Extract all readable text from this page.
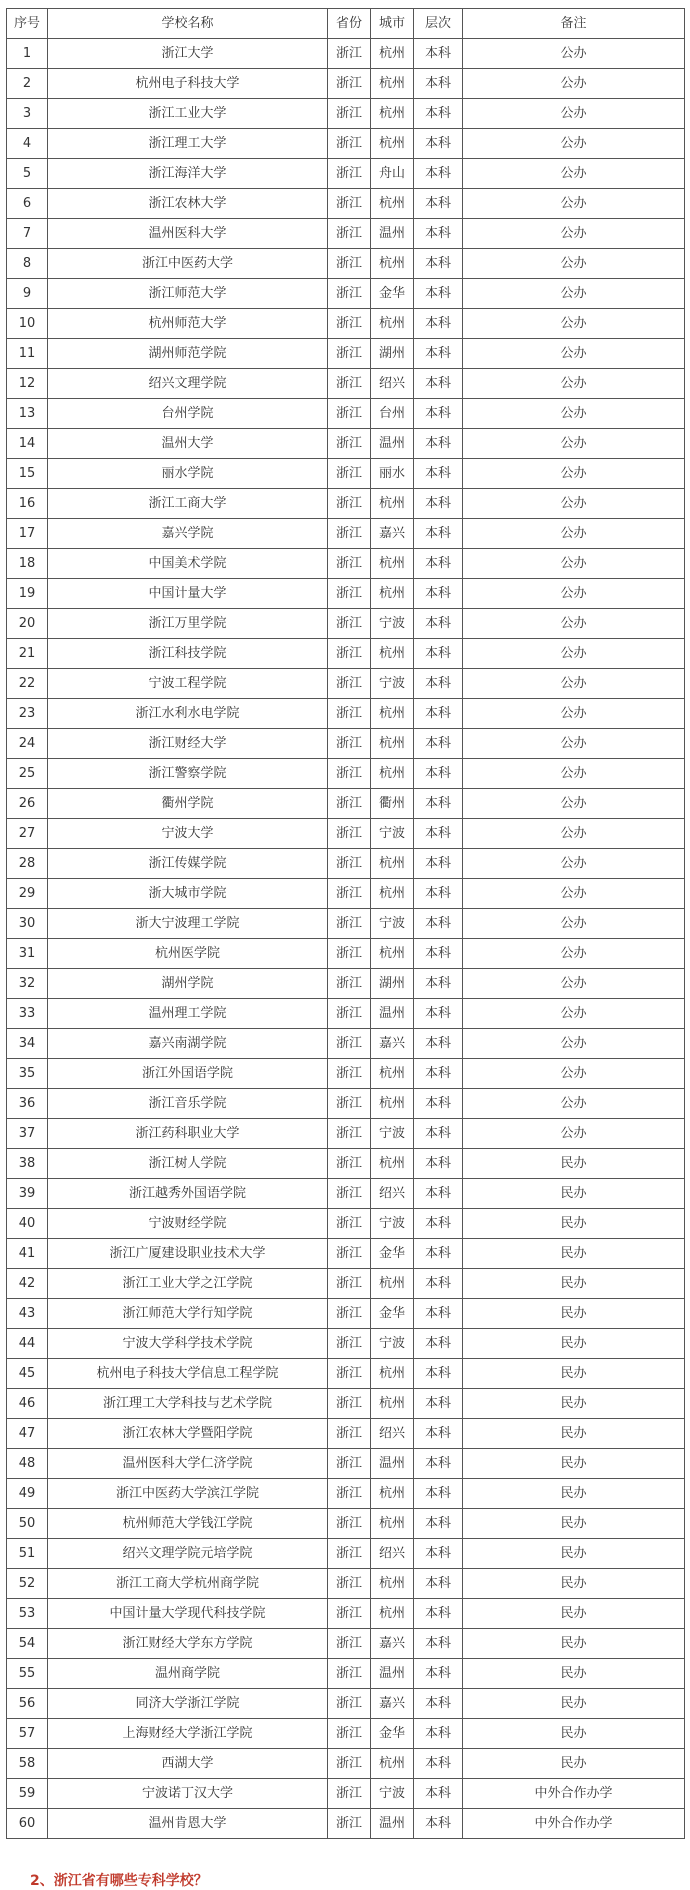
序号	学校名称	省份	城市	层次	备注
1	浙江大学	浙江	杭州	本科	公办
2	杭州电子科技大学	浙江	杭州	本科	公办
3	浙江工业大学	浙江	杭州	本科	公办
4	浙江理工大学	浙江	杭州	本科	公办
5	浙江海洋大学	浙江	舟山	本科	公办
6	浙江农林大学	浙江	杭州	本科	公办
7	温州医科大学	浙江	温州	本科	公办
8	浙江中医药大学	浙江	杭州	本科	公办
9	浙江师范大学	浙江	金华	本科	公办
10	杭州师范大学	浙江	杭州	本科	公办
11	湖州师范学院	浙江	湖州	本科	公办
12	绍兴文理学院	浙江	绍兴	本科	公办
13	台州学院	浙江	台州	本科	公办
14	温州大学	浙江	温州	本科	公办
15	丽水学院	浙江	丽水	本科	公办
16	浙江工商大学	浙江	杭州	本科	公办
17	嘉兴学院	浙江	嘉兴	本科	公办
18	中国美术学院	浙江	杭州	本科	公办
19	中国计量大学	浙江	杭州	本科	公办
20	浙江万里学院	浙江	宁波	本科	公办
21	浙江科技学院	浙江	杭州	本科	公办
22	宁波工程学院	浙江	宁波	本科	公办
23	浙江水利水电学院	浙江	杭州	本科	公办
24	浙江财经大学	浙江	杭州	本科	公办
25	浙江警察学院	浙江	杭州	本科	公办
26	衢州学院	浙江	衢州	本科	公办
27	宁波大学	浙江	宁波	本科	公办
28	浙江传媒学院	浙江	杭州	本科	公办
29	浙大城市学院	浙江	杭州	本科	公办
30	浙大宁波理工学院	浙江	宁波	本科	公办
31	杭州医学院	浙江	杭州	本科	公办
32	湖州学院	浙江	湖州	本科	公办
33	温州理工学院	浙江	温州	本科	公办
34	嘉兴南湖学院	浙江	嘉兴	本科	公办
35	浙江外国语学院	浙江	杭州	本科	公办
36	浙江音乐学院	浙江	杭州	本科	公办
37	浙江药科职业大学	浙江	宁波	本科	公办
38	浙江树人学院	浙江	杭州	本科	民办
39	浙江越秀外国语学院	浙江	绍兴	本科	民办
40	宁波财经学院	浙江	宁波	本科	民办
41	浙江广厦建设职业技术大学	浙江	金华	本科	民办
42	浙江工业大学之江学院	浙江	杭州	本科	民办
43	浙江师范大学行知学院	浙江	金华	本科	民办
44	宁波大学科学技术学院	浙江	宁波	本科	民办
45	杭州电子科技大学信息工程学院	浙江	杭州	本科	民办
46	浙江理工大学科技与艺术学院	浙江	杭州	本科	民办
47	浙江农林大学暨阳学院	浙江	绍兴	本科	民办
48	温州医科大学仁济学院	浙江	温州	本科	民办
49	浙江中医药大学滨江学院	浙江	杭州	本科	民办
50	杭州师范大学钱江学院	浙江	杭州	本科	民办
51	绍兴文理学院元培学院	浙江	绍兴	本科	民办
52	浙江工商大学杭州商学院	浙江	杭州	本科	民办
53	中国计量大学现代科技学院	浙江	杭州	本科	民办
54	浙江财经大学东方学院	浙江	嘉兴	本科	民办
55	温州商学院	浙江	温州	本科	民办
56	同济大学浙江学院	浙江	嘉兴	本科	民办
57	上海财经大学浙江学院	浙江	金华	本科	民办
58	西湖大学	浙江	杭州	本科	民办
59	宁波诺丁汉大学	浙江	宁波	本科	中外合作办学
60	温州肯恩大学	浙江	温州	本科	中外合作办学
2、浙江省有哪些专科学校？
